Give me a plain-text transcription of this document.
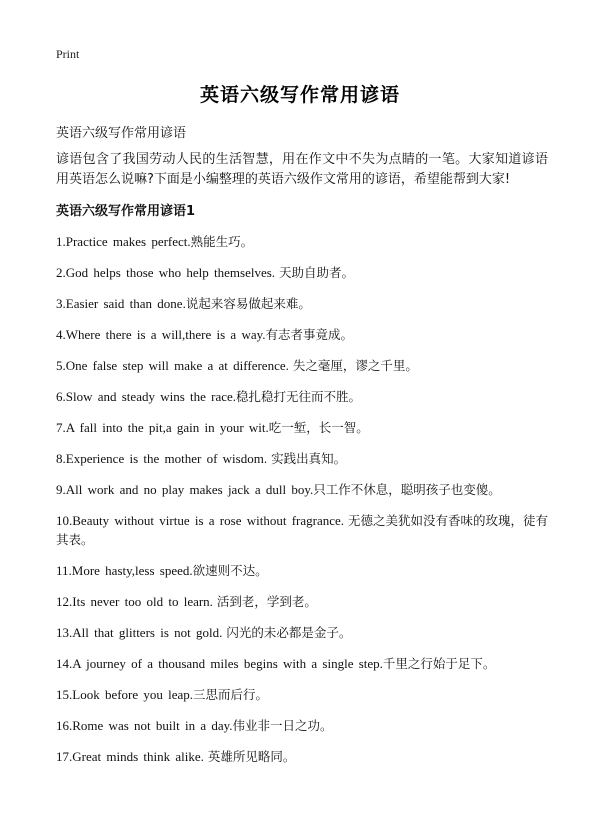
Print
英语六级写作常用谚语
英语六级写作常用谚语
谚语包含了我国劳动人民的生活智慧，用在作文中不失为点睛的一笔。大家知道谚语用英语怎么说嘛?下面是小编整理的英语六级作文常用的谚语，希望能帮到大家!
英语六级写作常用谚语1
1.Practice makes perfect.熟能生巧。
2.God helps those who help themselves. 天助自助者。
3.Easier said than done.说起来容易做起来难。
4.Where there is a will,there is a way.有志者事竟成。
5.One false step will make a at difference. 失之毫厘，谬之千里。
6.Slow and steady wins the race.稳扎稳打无往而不胜。
7.A fall into the pit,a gain in your wit.吃一堑，长一智。
8.Experience is the mother of wisdom. 实践出真知。
9.All work and no play makes jack a dull boy.只工作不休息，聪明孩子也变傻。
10.Beauty without virtue is a rose without fragrance. 无德之美犹如没有香味的玫瑰，徒有其表。
11.More hasty,less speed.欲速则不达。
12.Its never too old to learn. 活到老，学到老。
13.All that glitters is not gold. 闪光的未必都是金子。
14.A journey of a thousand miles begins with a single step.千里之行始于足下。
15.Look before you leap.三思而后行。
16.Rome was not built in a day.伟业非一日之功。
17.Great minds think alike. 英雄所见略同。
